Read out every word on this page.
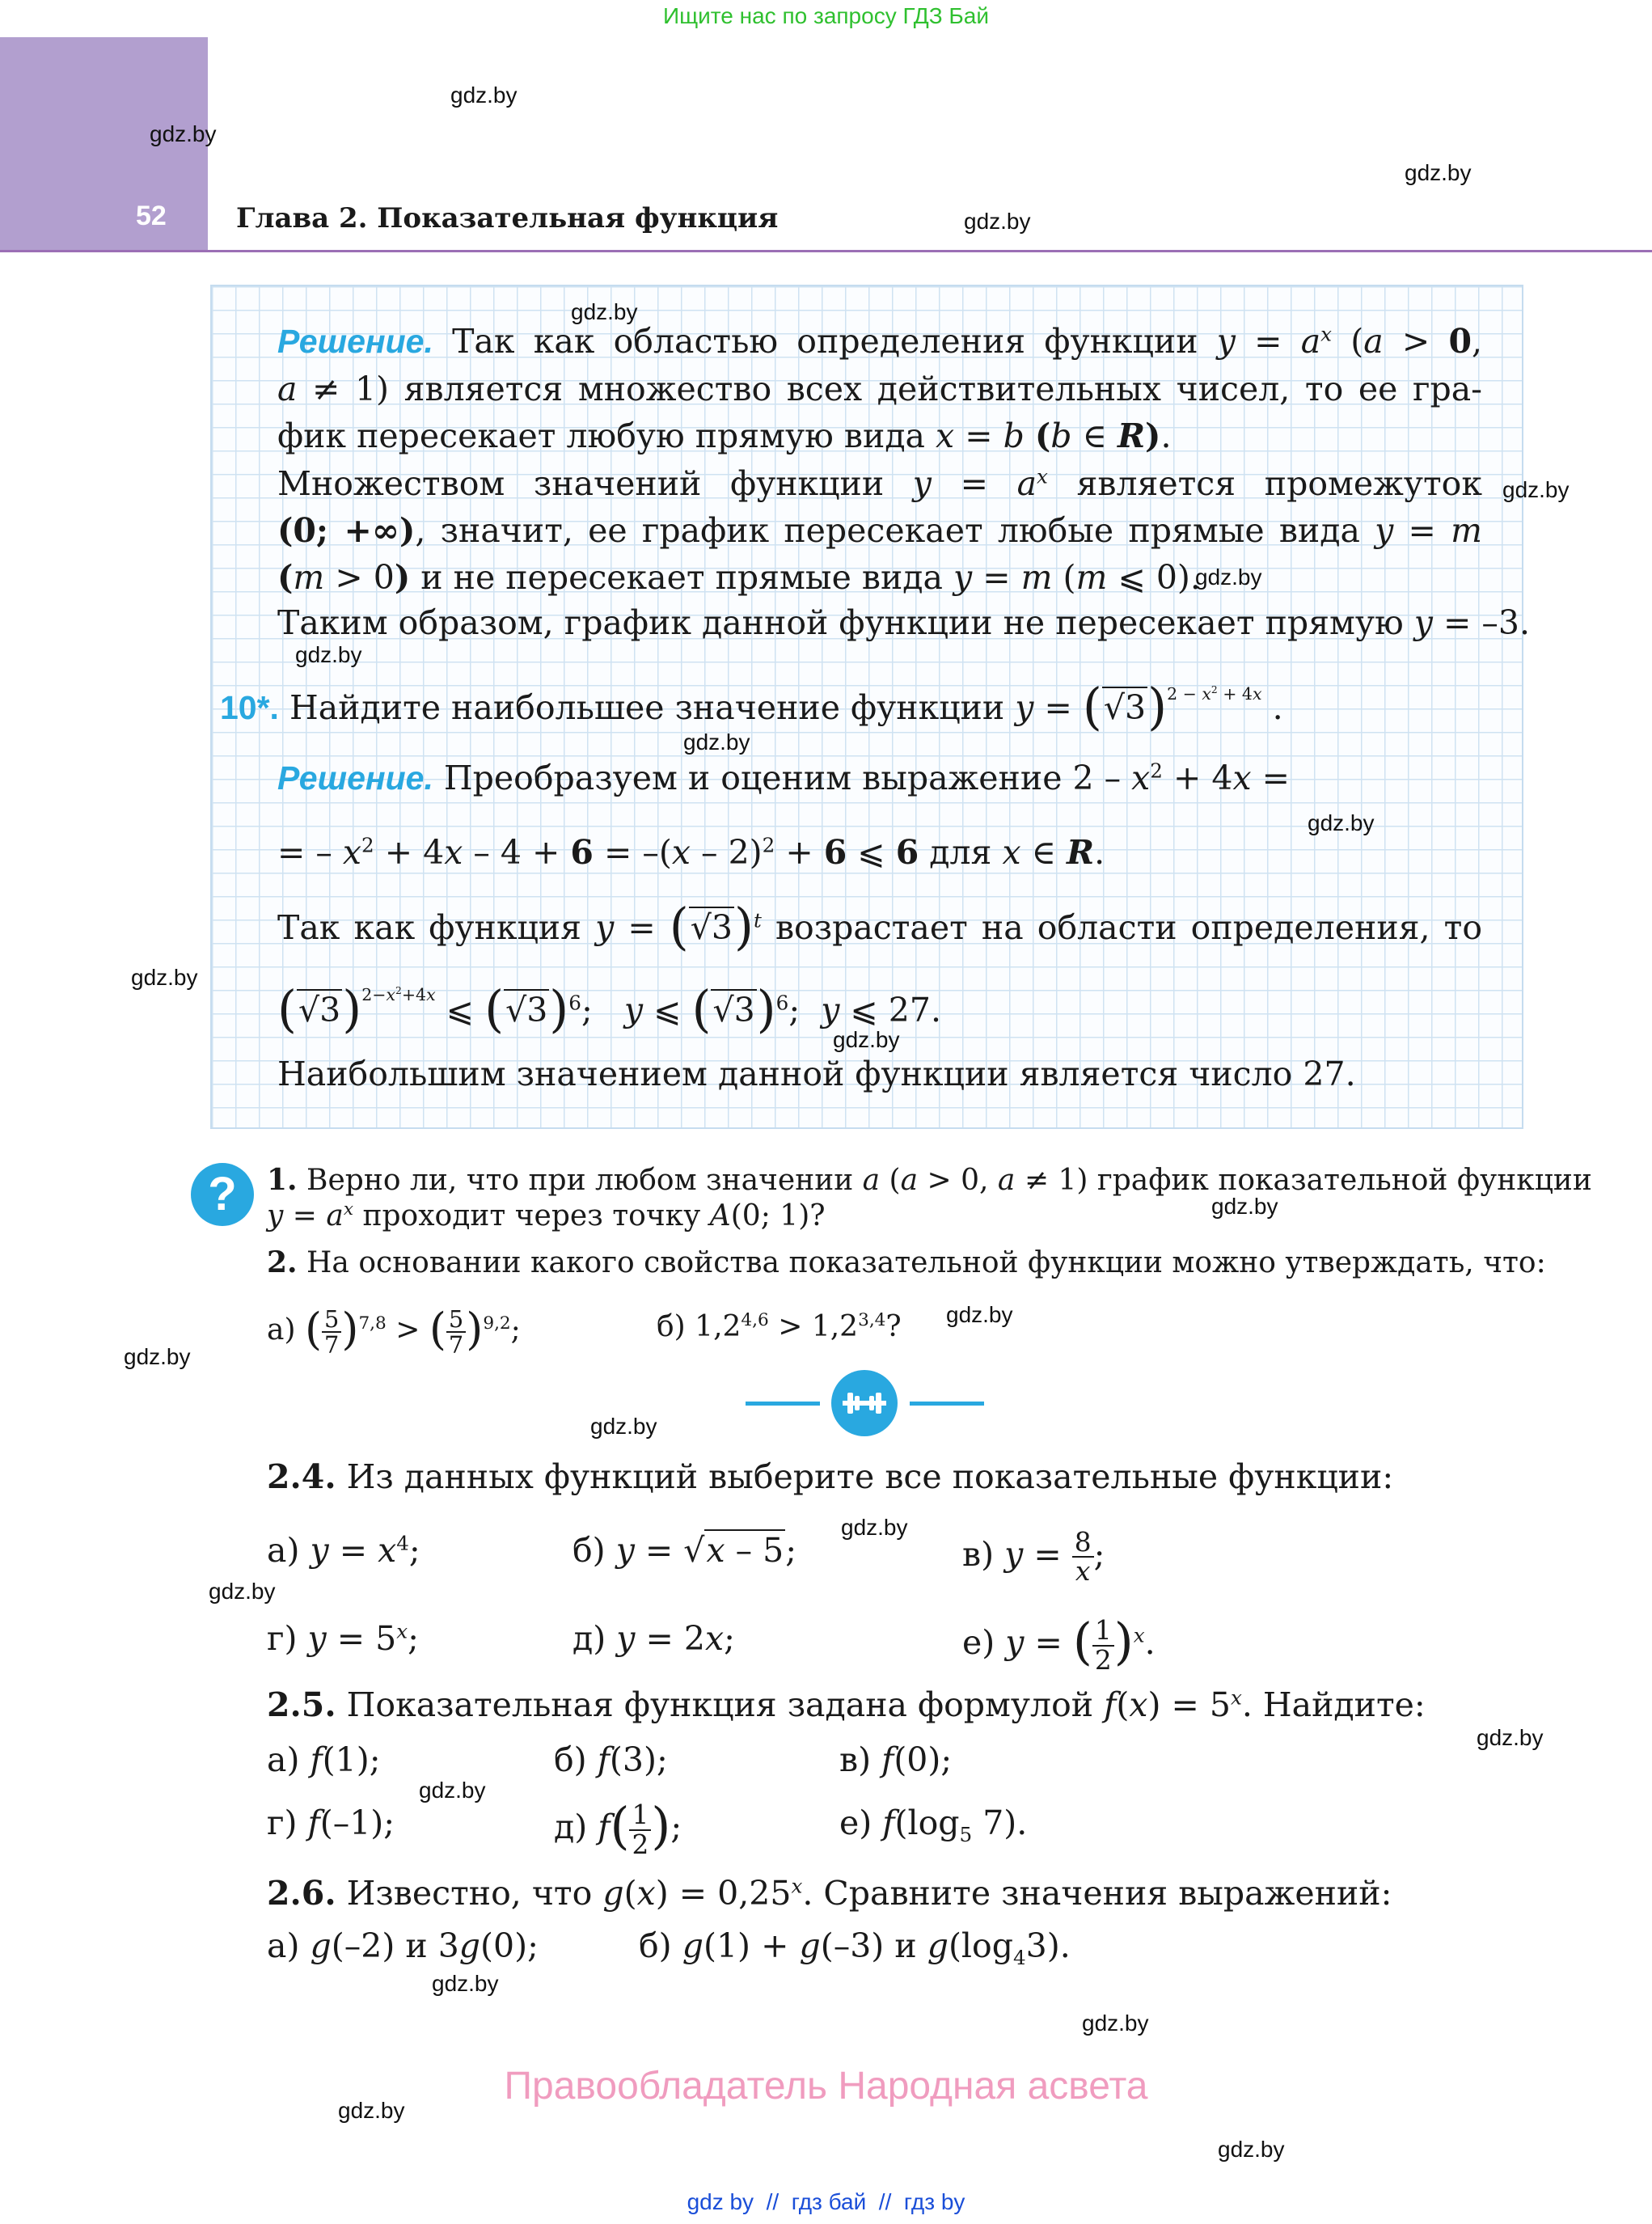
Ищите нас по запросу ГДЗ Бай
52	Глава 2. Показательная функция
Решение. Так как областью определения функции $y = a^x$ (a > 0,
a ≠ 1) является множество всех действительных чисел, то ее гра-
фик пересекает любую прямую вида x = b (b ∈ R).
Множеством значений функции $y = a^x$ является промежуток
(0; +∞), значит, ее график пересекает любые прямые вида y = m
(m > 0) и не пересекает прямые вида y = m (m ⩽ 0).
Таким образом, график данной функции не пересекает прямую y = –3.
10*. Найдите наибольшее значение функции $y = (√3)^{2 - x^2 + 4x}$ .
Решение. Преобразуем и оценим выражение $2 - x^2 + 4x$ =
= – $x^2 + 4x - 4 + 6 = -(x - 2)^2 + 6$ ⩽ 6 для x ∈ R.
Так как функция $y = (√3)^t$ возрастает на области определения, то
$(√3)^{2-x^2+4x}$ ⩽ $(√3)^6$;   y ⩽ $(√3)^6$;  y ⩽ 27.
Наибольшим значением данной функции является число 27.
?	1. Верно ли, что при любом значении a (a > 0, a ≠ 1) график показательной функции
$y = a^x$ проходит через точку A(0; 1)?
2. На основании какого свойства показательной функции можно утверждать, что:
а) ( $\frac{5}{7} )^{7,8}$ > ( $\frac{5}{7} )^{9,2}$;	б) $1,2^{4,6} > 1,2^{3,4}$?
2.4. Из данных функций выберите все показательные функции:
а) $y = x^4$;	б) y = √x – 5;	в) $y = \frac{8}{x}$ ;
г) $y = 5^x$;	д) y = 2x;	е) y = ( $\frac{1}{2} )^x$.
2.5. Показательная функция задана формулой $f(x) = 5^x$. Найдите:
а) f(1);	б) f(3);	в) f(0);
г) f(–1);	д) $f( \frac{1}{2}$ );	е) $f(\log_5$ 7).
2.6. Известно, что $g(x) = 0,25^x$. Сравните значения выражений:
а) g(–2) и 3g(0);	б) g(1) + g(–3) и $g(\log_43)$.
Правообладатель Народная асвета
gdz by  //  гдз бай  //  гдз by
gdz.by
gdz.by
gdz.by
gdz.by
gdz.by
gdz.by
gdz.by
gdz.by
gdz.by
gdz.by
gdz.by
gdz.by
gdz.by
gdz.by
gdz.by
gdz.by
gdz.by
gdz.by
gdz.by
gdz.by
gdz.by
gdz.by
gdz.by
gdz.by
